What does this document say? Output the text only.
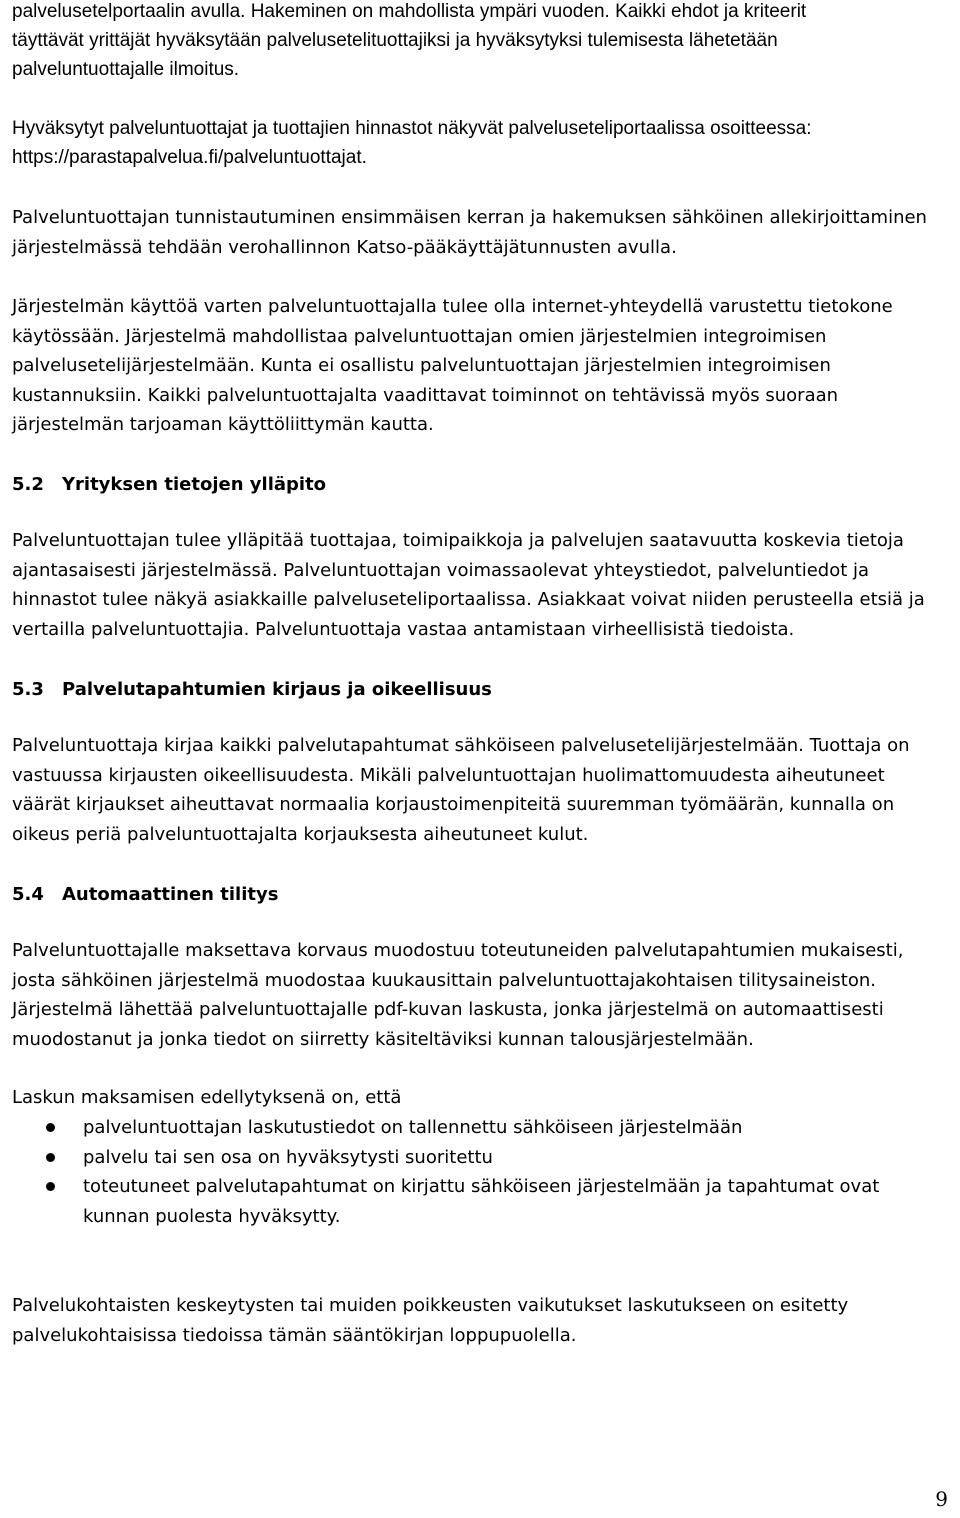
palvelusetelportaalin avulla. Hakeminen on mahdollista ympäri vuoden. Kaikki ehdot ja kriteerit
täyttävät yrittäjät hyväksytään palvelusetelituottajiksi ja hyväksytyksi tulemisesta lähetetään
palveluntuottajalle ilmoitus.
Hyväksytyt palveluntuottajat ja tuottajien hinnastot näkyvät palveluseteliportaalissa osoitteessa:
https://parastapalvelua.fi/palveluntuottajat.
Palveluntuottajan tunnistautuminen ensimmäisen kerran ja hakemuksen sähköinen allekirjoittaminen
järjestelmässä tehdään verohallinnon Katso-pääkäyttäjätunnusten avulla.
Järjestelmän käyttöä varten palveluntuottajalla tulee olla internet-yhteydellä varustettu tietokone
käytössään. Järjestelmä mahdollistaa palveluntuottajan omien järjestelmien integroimisen
palvelusetelijärjestelmään. Kunta ei osallistu palveluntuottajan järjestelmien integroimisen
kustannuksiin. Kaikki palveluntuottajalta vaadittavat toiminnot on tehtävissä myös suoraan
järjestelmän tarjoaman käyttöliittymän kautta.
5.2 Yrityksen tietojen ylläpito
Palveluntuottajan tulee ylläpitää tuottajaa, toimipaikkoja ja palvelujen saatavuutta koskevia tietoja
ajantasaisesti järjestelmässä. Palveluntuottajan voimassaolevat yhteystiedot, palveluntiedot ja
hinnastot tulee näkyä asiakkaille palveluseteliportaalissa. Asiakkaat voivat niiden perusteella etsiä ja
vertailla palveluntuottajia. Palveluntuottaja vastaa antamistaan virheellisistä tiedoista.
5.3 Palvelutapahtumien kirjaus ja oikeellisuus
Palveluntuottaja kirjaa kaikki palvelutapahtumat sähköiseen palvelusetelijärjestelmään. Tuottaja on
vastuussa kirjausten oikeellisuudesta. Mikäli palveluntuottajan huolimattomuudesta aiheutuneet
väärät kirjaukset aiheuttavat normaalia korjaustoimenpiteitä suuremman työmäärän, kunnalla on
oikeus periä palveluntuottajalta korjauksesta aiheutuneet kulut.
5.4 Automaattinen tilitys
Palveluntuottajalle maksettava korvaus muodostuu toteutuneiden palvelutapahtumien mukaisesti,
josta sähköinen järjestelmä muodostaa kuukausittain palveluntuottajakohtaisen tilitysaineiston.
Järjestelmä lähettää palveluntuottajalle pdf-kuvan laskusta, jonka järjestelmä on automaattisesti
muodostanut ja jonka tiedot on siirretty käsiteltäviksi kunnan talousjärjestelmään.
Laskun maksamisen edellytyksenä on, että
palveluntuottajan laskutustiedot on tallennettu sähköiseen järjestelmään
palvelu tai sen osa on hyväksytysti suoritettu
toteutuneet palvelutapahtumat on kirjattu sähköiseen järjestelmään ja tapahtumat ovat
kunnan puolesta hyväksytty.
Palvelukohtaisten keskeytysten tai muiden poikkeusten vaikutukset laskutukseen on esitetty
palvelukohtaisissa tiedoissa tämän sääntökirjan loppupuolella.
9
